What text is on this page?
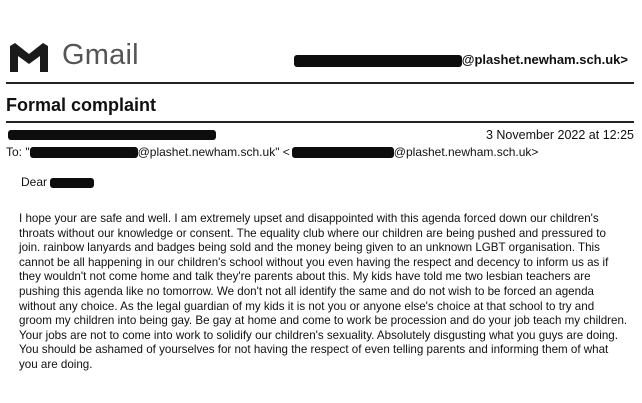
Gmail	@plashet.newham.sch.uk>
Formal complaint
3 November 2022 at 12:25
To: "	@plashet.newham.sch.uk" <	@plashet.newham.sch.uk>
Dear

I hope your are safe and well. I am extremely upset and disappointed with this agenda forced down our children's throats without our knowledge or consent. The equality club where our children are being pushed and pressured to join. rainbow lanyards and badges being sold and the money being given to an unknown LGBT organisation. This cannot be all happening in our children's school without you even having the respect and decency to inform us as if they wouldn't not come home and talk they're parents about this. My kids have told me two lesbian teachers are pushing this agenda like no tomorrow. We don't not all identify the same and do not wish to be forced an agenda without any choice. As the legal guardian of my kids it is not you or anyone else's choice at that school to try and groom my children into being gay. Be gay at home and come to work be procession and do your job teach my children. Your jobs are not to come into work to solidify our children's sexuality. Absolutely disgusting what you guys are doing. You should be ashamed of yourselves for not having the respect of even telling parents and informing them of what you are doing.
